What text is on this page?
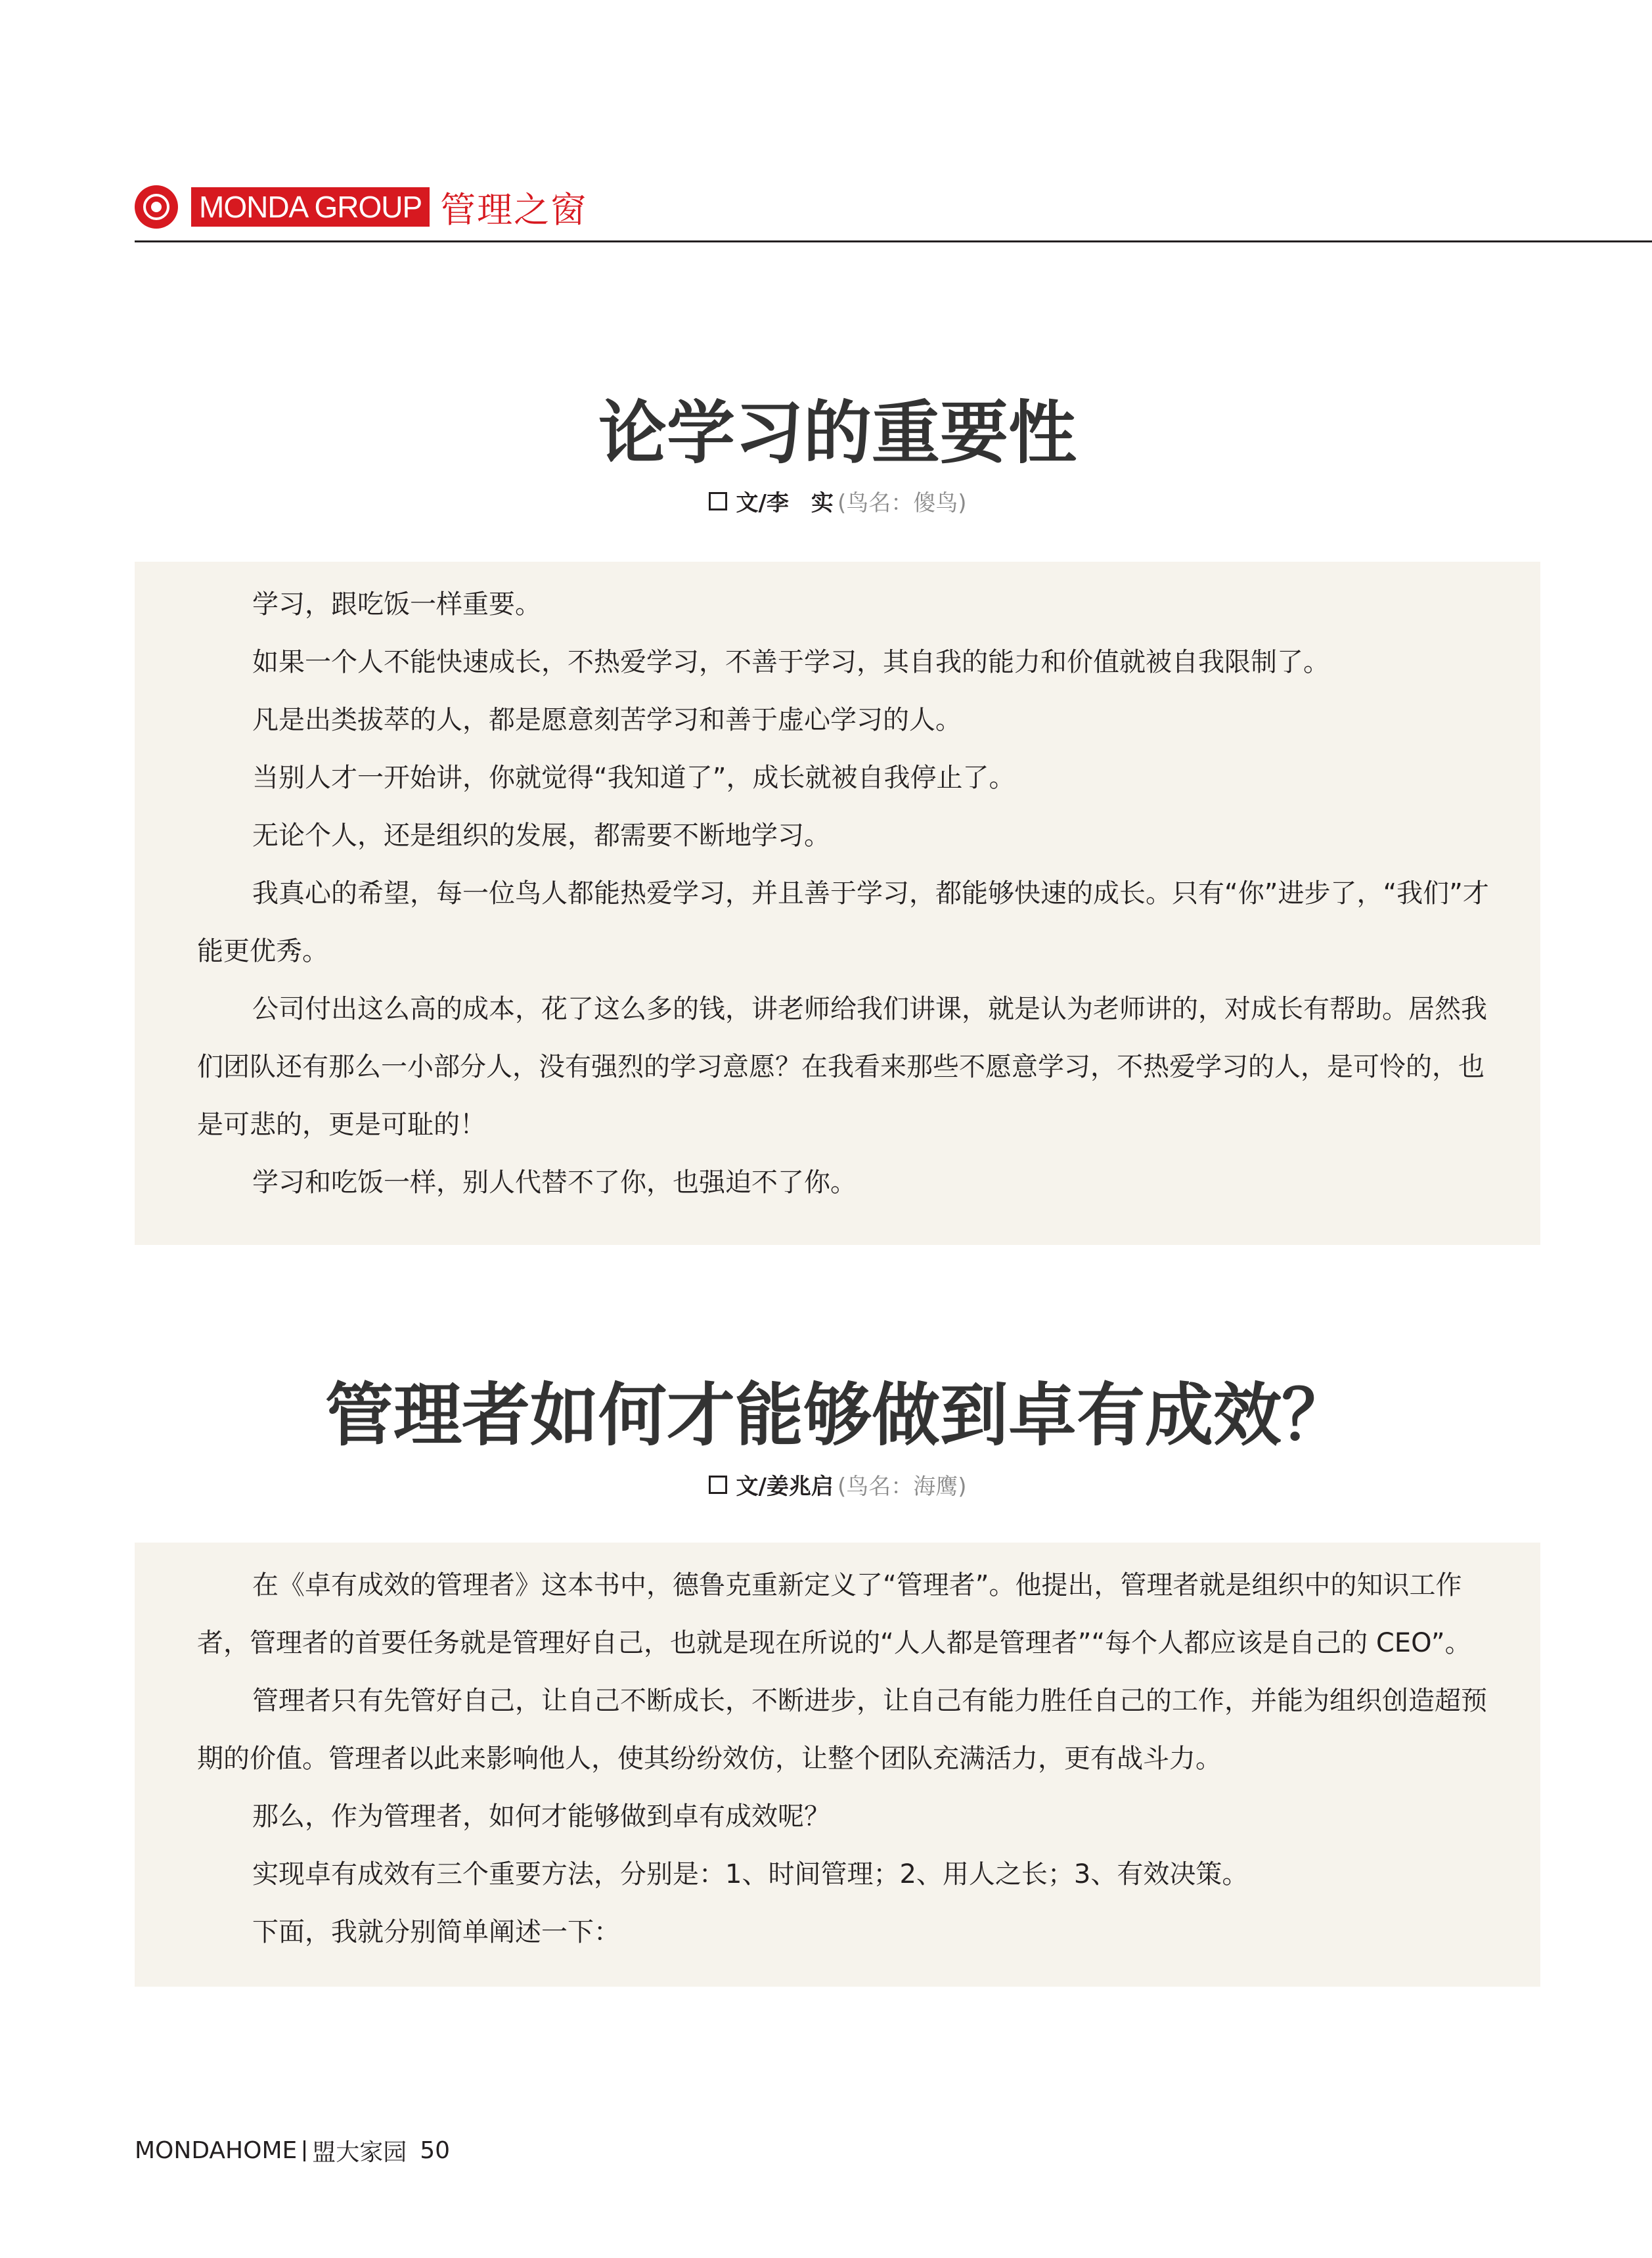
MONDA GROUP 管理之窗
论学习的重要性
文/李　实 (鸟名：傻鸟)

学习，跟吃饭一样重要。

如果一个人不能快速成长，不热爱学习，不善于学习，其自我的能力和价值就被自我限制了。

凡是出类拔萃的人，都是愿意刻苦学习和善于虚心学习的人。

当别人才一开始讲，你就觉得“我知道了”，成长就被自我停止了。

无论个人，还是组织的发展，都需要不断地学习。

我真心的希望，每一位鸟人都能热爱学习，并且善于学习，都能够快速的成长。只有“你”进步了，“我们”才能更优秀。

公司付出这么高的成本，花了这么多的钱，讲老师给我们讲课，就是认为老师讲的，对成长有帮助。居然我们团队还有那么一小部分人，没有强烈的学习意愿？在我看来那些不愿意学习，不热爱学习的人，是可怜的，也是可悲的，更是可耻的！

学习和吃饭一样，别人代替不了你，也强迫不了你。

管理者如何才能够做到卓有成效？
文/姜兆启 (鸟名：海鹰)

在《卓有成效的管理者》这本书中，德鲁克重新定义了“管理者”。他提出，管理者就是组织中的知识工作者，管理者的首要任务就是管理好自己，也就是现在所说的“人人都是管理者”“每个人都应该是自己的 CEO”。

管理者只有先管好自己，让自己不断成长，不断进步，让自己有能力胜任自己的工作，并能为组织创造超预期的价值。管理者以此来影响他人，使其纷纷效仿，让整个团队充满活力，更有战斗力。

那么，作为管理者，如何才能够做到卓有成效呢？

实现卓有成效有三个重要方法，分别是：1、时间管理；2、用人之长；3、有效决策。

下面，我就分别简单阐述一下：

MONDAHOME 盟大家园 50
